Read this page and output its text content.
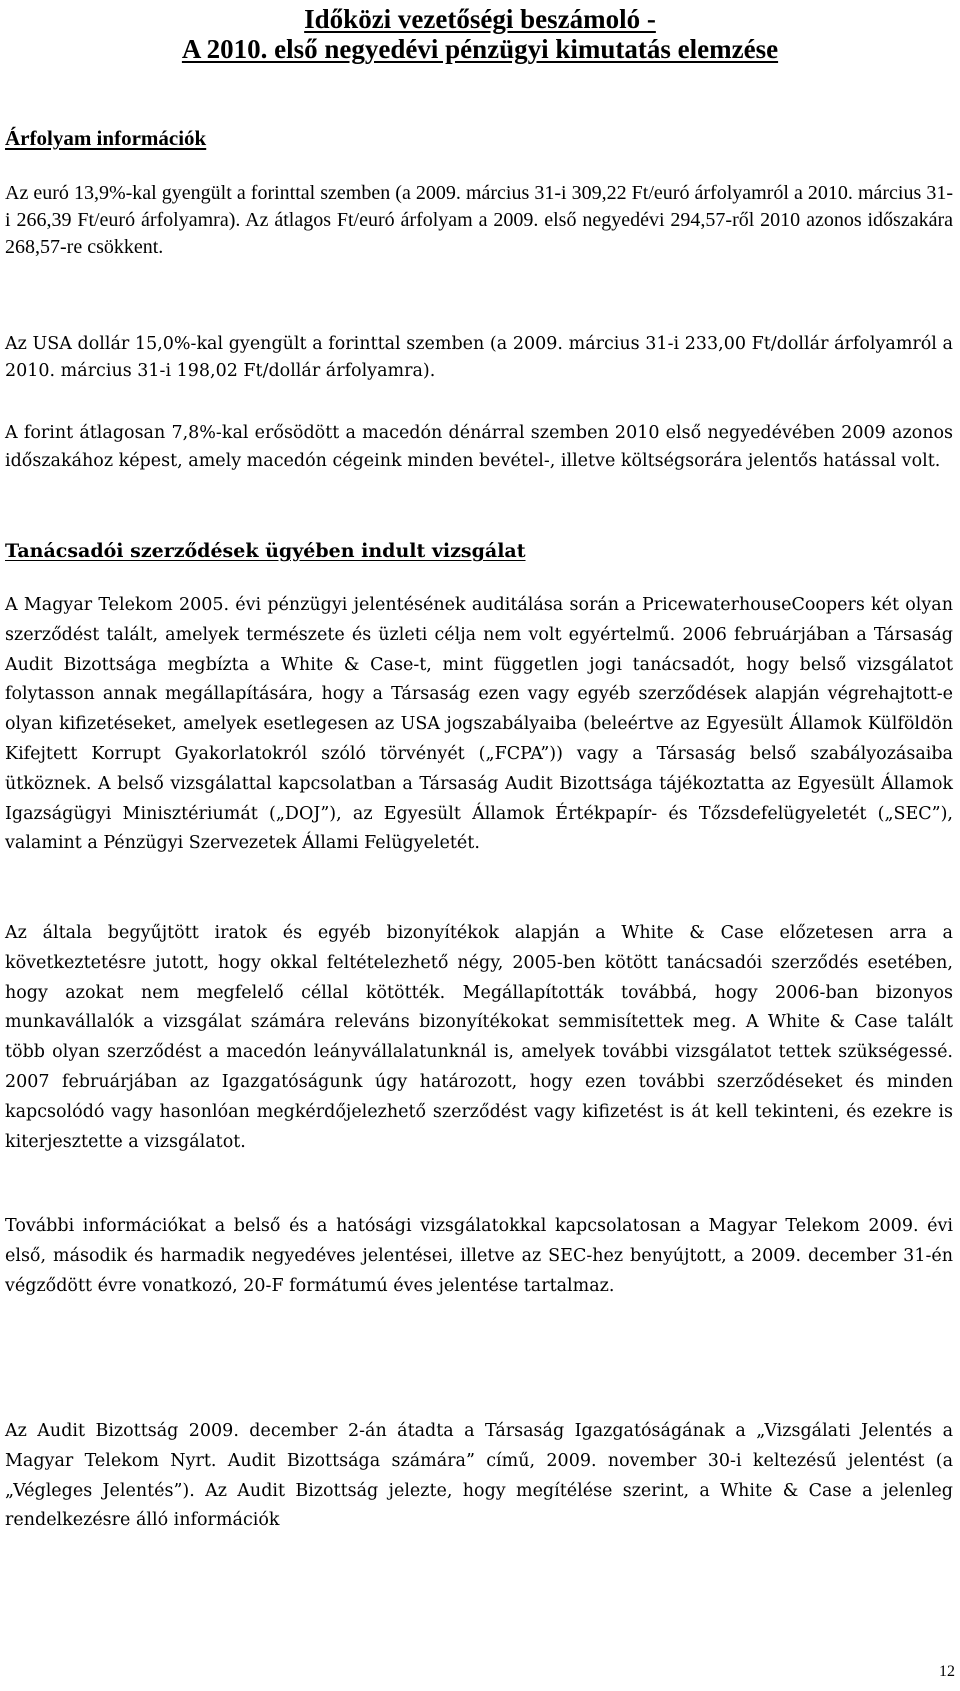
Időközi vezetőségi beszámoló -
A 2010. első negyedévi pénzügyi kimutatás elemzése
Árfolyam információk
Az euró 13,9%-kal gyengült a forinttal szemben (a 2009. március 31-i 309,22 Ft/euró árfolyamról a 2010. március 31-i 266,39 Ft/euró árfolyamra). Az átlagos Ft/euró árfolyam a 2009. első negyedévi 294,57-ről 2010 azonos időszakára 268,57-re csökkent.
Az USA dollár 15,0%-kal gyengült a forinttal szemben (a 2009. március 31-i 233,00 Ft/dollár árfolyamról a 2010. március 31-i 198,02 Ft/dollár árfolyamra).
A forint átlagosan 7,8%-kal erősödött a macedón dénárral szemben 2010 első negyedévében 2009 azonos időszakához képest, amely macedón cégeink minden bevétel-, illetve költségsorára jelentős hatással volt.
Tanácsadói szerződések ügyében indult vizsgálat
A Magyar Telekom 2005. évi pénzügyi jelentésének auditálása során a PricewaterhouseCoopers két olyan szerződést talált, amelyek természete és üzleti célja nem volt egyértelmű. 2006 februárjában a Társaság Audit Bizottsága megbízta a White & Case-t, mint független jogi tanácsadót, hogy belső vizsgálatot folytasson annak megállapítására, hogy a Társaság ezen vagy egyéb szerződések alapján végrehajtott-e olyan kifizetéseket, amelyek esetlegesen az USA jogszabályaiba (beleértve az Egyesült Államok Külföldön Kifejtett Korrupt Gyakorlatokról szóló törvényét („FCPA”)) vagy a Társaság belső szabályozásaiba ütköznek. A belső vizsgálattal kapcsolatban a Társaság Audit Bizottsága tájékoztatta az Egyesült Államok Igazságügyi Minisztériumát („DOJ”), az Egyesült Államok Értékpapír- és Tőzsdefelügyeletét („SEC”), valamint a Pénzügyi Szervezetek Állami Felügyeletét.
Az általa begyűjtött iratok és egyéb bizonyítékok alapján a White & Case előzetesen arra a következtetésre jutott, hogy okkal feltételezhető négy, 2005-ben kötött tanácsadói szerződés esetében, hogy azokat nem megfelelő céllal kötötték. Megállapították továbbá, hogy 2006-ban bizonyos munkavállalók a vizsgálat számára releváns bizonyítékokat semmisítettek meg. A White & Case talált több olyan szerződést a macedón leányvállalatunknál is, amelyek további vizsgálatot tettek szükségessé. 2007 februárjában az Igazgatóságunk úgy határozott, hogy ezen további szerződéseket és minden kapcsolódó vagy hasonlóan megkérdőjelezhető szerződést vagy kifizetést is át kell tekinteni, és ezekre is kiterjesztette a vizsgálatot.
További információkat a belső és a hatósági vizsgálatokkal kapcsolatosan a Magyar Telekom 2009. évi első, második és harmadik negyedéves jelentései, illetve az SEC-hez benyújtott, a 2009. december 31-én végződött évre vonatkozó, 20-F formátumú éves jelentése tartalmaz.
Az Audit Bizottság 2009. december 2-án átadta a Társaság Igazgatóságának a „Vizsgálati Jelentés a Magyar Telekom Nyrt. Audit Bizottsága számára” című, 2009. november 30-i keltezésű jelentést (a „Végleges Jelentés”). Az Audit Bizottság jelezte, hogy megítélése szerint, a White & Case a jelenleg rendelkezésre álló információk
12
